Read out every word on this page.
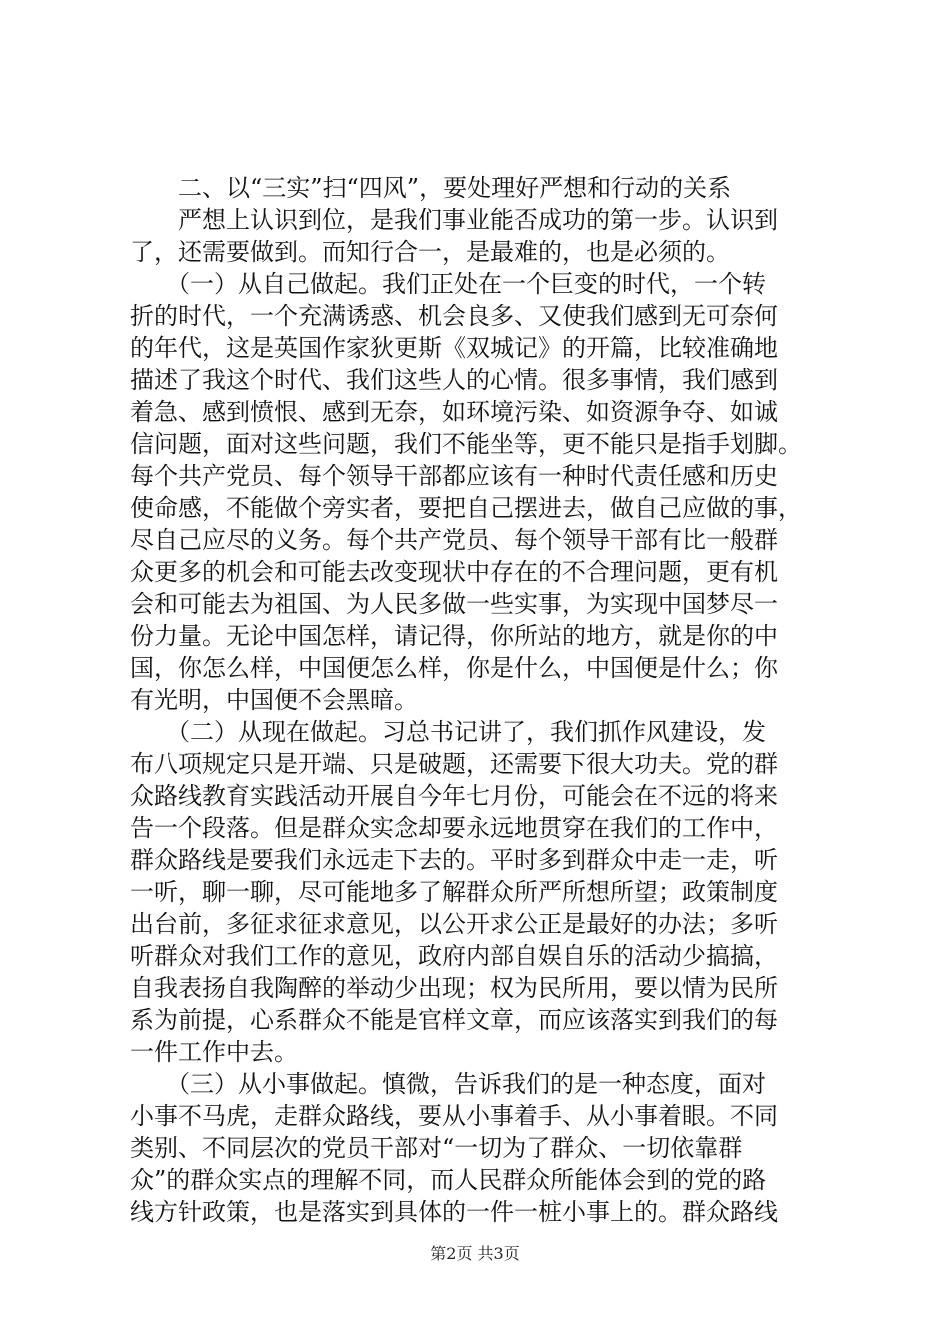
　　二、以“三实”扫“四风”，要处理好严想和行动的关系
　　严想上认识到位，是我们事业能否成功的第一步。认识到
了，还需要做到。而知行合一，是最难的，也是必须的。
　　（一）从自己做起。我们正处在一个巨变的时代，一个转
折的时代，一个充满诱惑、机会良多、又使我们感到无可奈何
的年代，这是英国作家狄更斯《双城记》的开篇，比较准确地
描述了我这个时代、我们这些人的心情。很多事情，我们感到
着急、感到愤恨、感到无奈，如环境污染、如资源争夺、如诚
信问题，面对这些问题，我们不能坐等，更不能只是指手划脚。
每个共产党员、每个领导干部都应该有一种时代责任感和历史
使命感，不能做个旁实者，要把自己摆进去，做自己应做的事，
尽自己应尽的义务。每个共产党员、每个领导干部有比一般群
众更多的机会和可能去改变现状中存在的不合理问题，更有机
会和可能去为祖国、为人民多做一些实事，为实现中国梦尽一
份力量。无论中国怎样，请记得，你所站的地方，就是你的中
国，你怎么样，中国便怎么样，你是什么，中国便是什么；你
有光明，中国便不会黑暗。
　　（二）从现在做起。习总书记讲了，我们抓作风建设，发
布八项规定只是开端、只是破题，还需要下很大功夫。党的群
众路线教育实践活动开展自今年七月份，可能会在不远的将来
告一个段落。但是群众实念却要永远地贯穿在我们的工作中，
群众路线是要我们永远走下去的。平时多到群众中走一走，听
一听，聊一聊，尽可能地多了解群众所严所想所望；政策制度
出台前，多征求征求意见，以公开求公正是最好的办法；多听
听群众对我们工作的意见，政府内部自娱自乐的活动少搞搞，
自我表扬自我陶醉的举动少出现；权为民所用，要以情为民所
系为前提，心系群众不能是官样文章，而应该落实到我们的每
一件工作中去。
　　（三）从小事做起。慎微，告诉我们的是一种态度，面对
小事不马虎，走群众路线，要从小事着手、从小事着眼。不同
类别、不同层次的党员干部对“一切为了群众、一切依靠群
众”的群众实点的理解不同，而人民群众所能体会到的党的路
线方针政策，也是落实到具体的一件一桩小事上的。群众路线
第2页 共3页
